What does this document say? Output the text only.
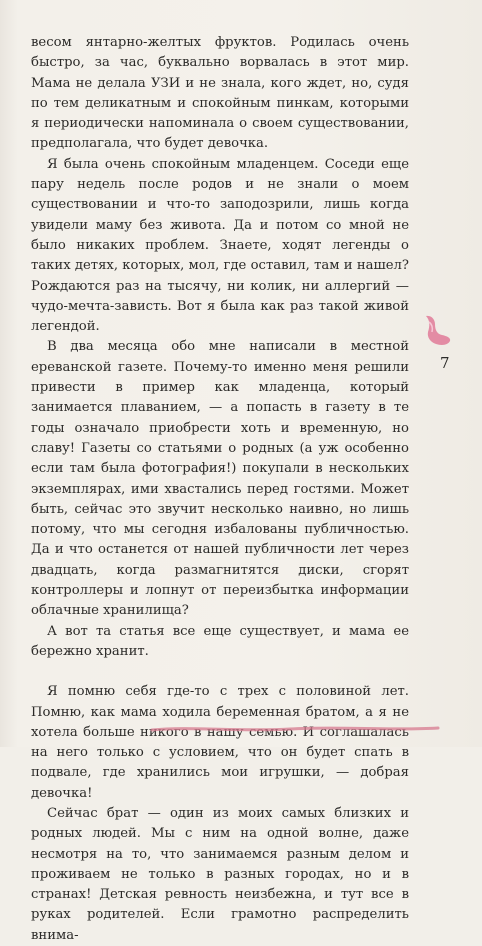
весом янтарно-желтых фруктов. Родилась очень быстро, за час, буквально ворвалась в этот мир. Мама не делала УЗИ и не знала, кого ждет, но, судя по тем деликатным и спокойным пинкам, которыми я периодически напоминала о своем существовании, предполагала, что будет девочка.

Я была очень спокойным младенцем. Соседи еще пару недель после родов и не знали о моем существовании и что-то заподозрили, лишь когда увидели маму без живота. Да и потом со мной не было никаких проблем. Знаете, ходят легенды о таких детях, которых, мол, где оставил, там и нашел? Рождаются раз на тысячу, ни колик, ни аллергий — чудо-мечта-зависть. Вот я была как раз такой живой легендой.

В два месяца обо мне написали в местной ереванской газете. Почему-то именно меня решили привести в пример как младенца, который занимается плаванием, — а попасть в газету в те годы означало приобрести хоть и временную, но славу! Газеты со статьями о родных (а уж особенно если там была фотография!) покупали в нескольких экземплярах, ими хвастались перед гостями. Может быть, сейчас это звучит несколько наивно, но лишь потому, что мы сегодня избалованы публичностью. Да и что останется от нашей публичности лет через двадцать, когда размагнитятся диски, сгорят контроллеры и лопнут от переизбытка информации облачные хранилища?

А вот та статья все еще существует, и мама ее бережно хранит.

Я помню себя где-то с трех с половиной лет. Помню, как мама ходила беременная братом, а я не хотела больше никого в нашу семью. И соглашалась на него только с условием, что он будет спать в подвале, где хранились мои игрушки, — добрая девочка!

Сейчас брат — один из моих самых близких и родных людей. Мы с ним на одной волне, даже несмотря на то, что занимаемся разным делом и проживаем не только в разных городах, но и в странах! Детская ревность неизбежна, и тут все в руках родителей. Если грамотно распределить внима-

7
